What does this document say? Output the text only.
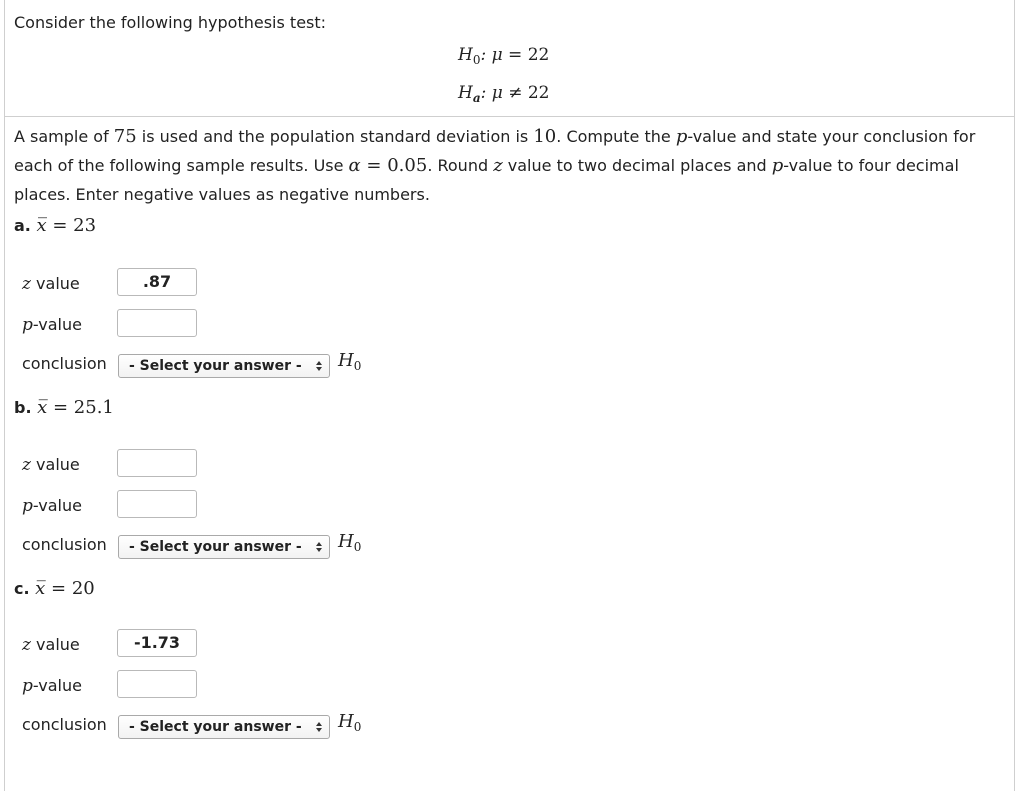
Consider the following hypothesis test:
$H_0$: μ = 22
$H_a$: μ ≠ 22
A sample of 75 is used and the population standard deviation is 10. Compute the p-value and state your conclusion for each of the following sample results. Use α = 0.05. Round z value to two decimal places and p-value to four decimal places. Enter negative values as negative numbers.
a. x̅ = 23
z value	.87
p-value
conclusion	- Select your answer -	$H_0$
b. x̅ = 25.1
z value
p-value
conclusion	- Select your answer -	$H_0$
c. x̅ = 20
z value	-1.73
p-value
conclusion	- Select your answer -	$H_0$
